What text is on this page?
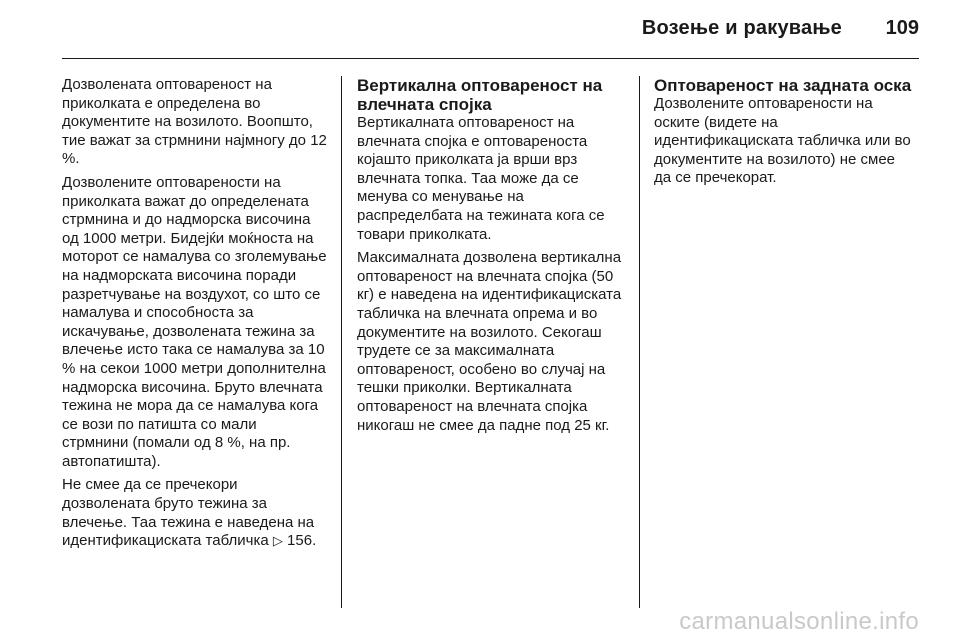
Возење и ракување 109

Дозволената оптовареност на приколката е определена во документите на возилото. Воопшто, тие важат за стрмнини најмногу до 12 %.

Дозволените оптоварености на приколката важат до определената стрмнина и до надморска височина од 1000 метри. Бидејќи моќноста на моторот се намалува со зголемување на надморската височина поради разретчување на воздухот, со што се намалува и способноста за искачување, дозволената тежина за влечење исто така се намалува за 10 % на секои 1000 метри дополнителна надморска височина. Бруто влечната тежина не мора да се намалува кога се вози по патишта со мали стрмнини (помали од 8 %, на пр. автопатишта).

Не смее да се пречекори дозволената бруто тежина за влечење. Таа тежина е наведена на идентификациската табличка ▷ 156.

Вертикална оптовареност на влечната спојка

Вертикалната оптовареност на влечната спојка е оптовареноста којашто приколката ја врши врз влечната топка. Таа може да се менува со менување на распределбата на тежината кога се товари приколката.

Максималната дозволена вертикална оптовареност на влечната спојка (50 кг) е наведена на идентификациската табличка на влечната опрема и во документите на возилото. Секогаш трудете се за максималната оптовареност, особено во случај на тешки приколки. Вертикалната оптовареност на влечната спојка никогаш не смее да падне под 25 кг.

Оптовареност на задната оска

Дозволените оптоварености на оските (видете на идентификациската табличка или во документите на возилото) не смее да се пречекорат.

carmanualsonline.info
